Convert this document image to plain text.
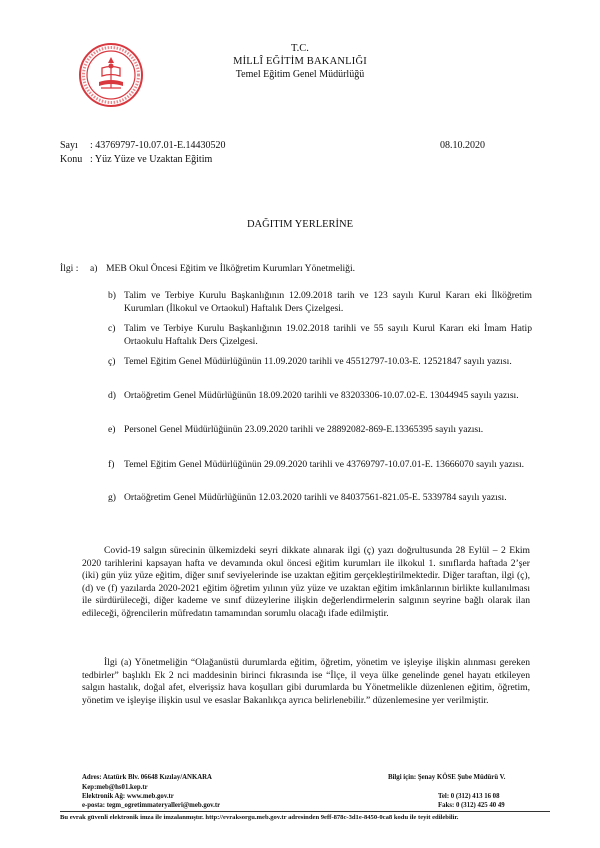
T.C.
MİLLÎ EĞİTİM BAKANLIĞI
Temel Eğitim Genel Müdürlüğü
Sayı : 43769797-10.07.01-E.14430520	08.10.2020
Konu : Yüz Yüze ve Uzaktan Eğitim
DAĞITIM YERLERİNE
İlgi : a) MEB Okul Öncesi Eğitim ve İlköğretim Kurumları Yönetmeliği.
b) Talim ve Terbiye Kurulu Başkanlığının 12.09.2018 tarih ve 123 sayılı Kurul Kararı eki İlköğretim Kurumları (İlkokul ve Ortaokul) Haftalık Ders Çizelgesi.
c) Talim ve Terbiye Kurulu Başkanlığının 19.02.2018 tarihli ve 55 sayılı Kurul Kararı eki İmam Hatip Ortaokulu Haftalık Ders Çizelgesi.
ç) Temel Eğitim Genel Müdürlüğünün 11.09.2020 tarihli ve 45512797-10.03-E. 12521847 sayılı yazısı.
d) Ortaöğretim Genel Müdürlüğünün 18.09.2020 tarihli ve 83203306-10.07.02-E. 13044945 sayılı yazısı.
e) Personel Genel Müdürlüğünün 23.09.2020 tarihli ve 28892082-869-E.13365395 sayılı yazısı.
f) Temel Eğitim Genel Müdürlüğünün 29.09.2020 tarihli ve 43769797-10.07.01-E. 13666070 sayılı yazısı.
g) Ortaöğretim Genel Müdürlüğünün 12.03.2020 tarihli ve 84037561-821.05-E. 5339784 sayılı yazısı.
Covid-19 salgın sürecinin ülkemizdeki seyri dikkate alınarak ilgi (ç) yazı doğrultusunda 28 Eylül – 2 Ekim 2020 tarihlerini kapsayan hafta ve devamında okul öncesi eğitim kurumları ile ilkokul 1. sınıflarda haftada 2’şer (iki) gün yüz yüze eğitim, diğer sınıf seviyelerinde ise uzaktan eğitim gerçekleştirilmektedir. Diğer taraftan, ilgi (ç), (d) ve (f) yazılarda 2020-2021 eğitim öğretim yılının yüz yüze ve uzaktan eğitim imkânlarının birlikte kullanılması ile sürdürüleceği, diğer kademe ve sınıf düzeylerine ilişkin değerlendirmelerin salgının seyrine bağlı olarak ilan edileceği, öğrencilerin müfredatın tamamından sorumlu olacağı ifade edilmiştir.
İlgi (a) Yönetmeliğin “Olağanüstü durumlarda eğitim, öğretim, yönetim ve işleyişe ilişkin alınması gereken tedbirler” başlıklı Ek 2 nci maddesinin birinci fıkrasında ise “İlçe, il veya ülke genelinde genel hayatı etkileyen salgın hastalık, doğal afet, elverişsiz hava koşulları gibi durumlarda bu Yönetmelikle düzenlenen eğitim, öğretim, yönetim ve işleyişe ilişkin usul ve esaslar Bakanlıkça ayrıca belirlenebilir.” düzenlemesine yer verilmiştir.
Adres: Atatürk Blv. 06648 Kızılay/ANKARA
Kep:meb@hs01.kep.tr
Elektronik Ağ: www.meb.gov.tr
e-posta: tegm_ogretimmateryalleri@meb.gov.tr
Bilgi için: Şenay KÖSE Şube Müdürü V.
Tel: 0 (312) 413 16 08
Faks: 0 (312) 425 40 49
Bu evrak güvenli elektronik imza ile imzalanmıştır. http://evraksorgu.meb.gov.tr adresinden 9eff-878c-3d1e-8450-0ca8 kodu ile teyit edilebilir.
